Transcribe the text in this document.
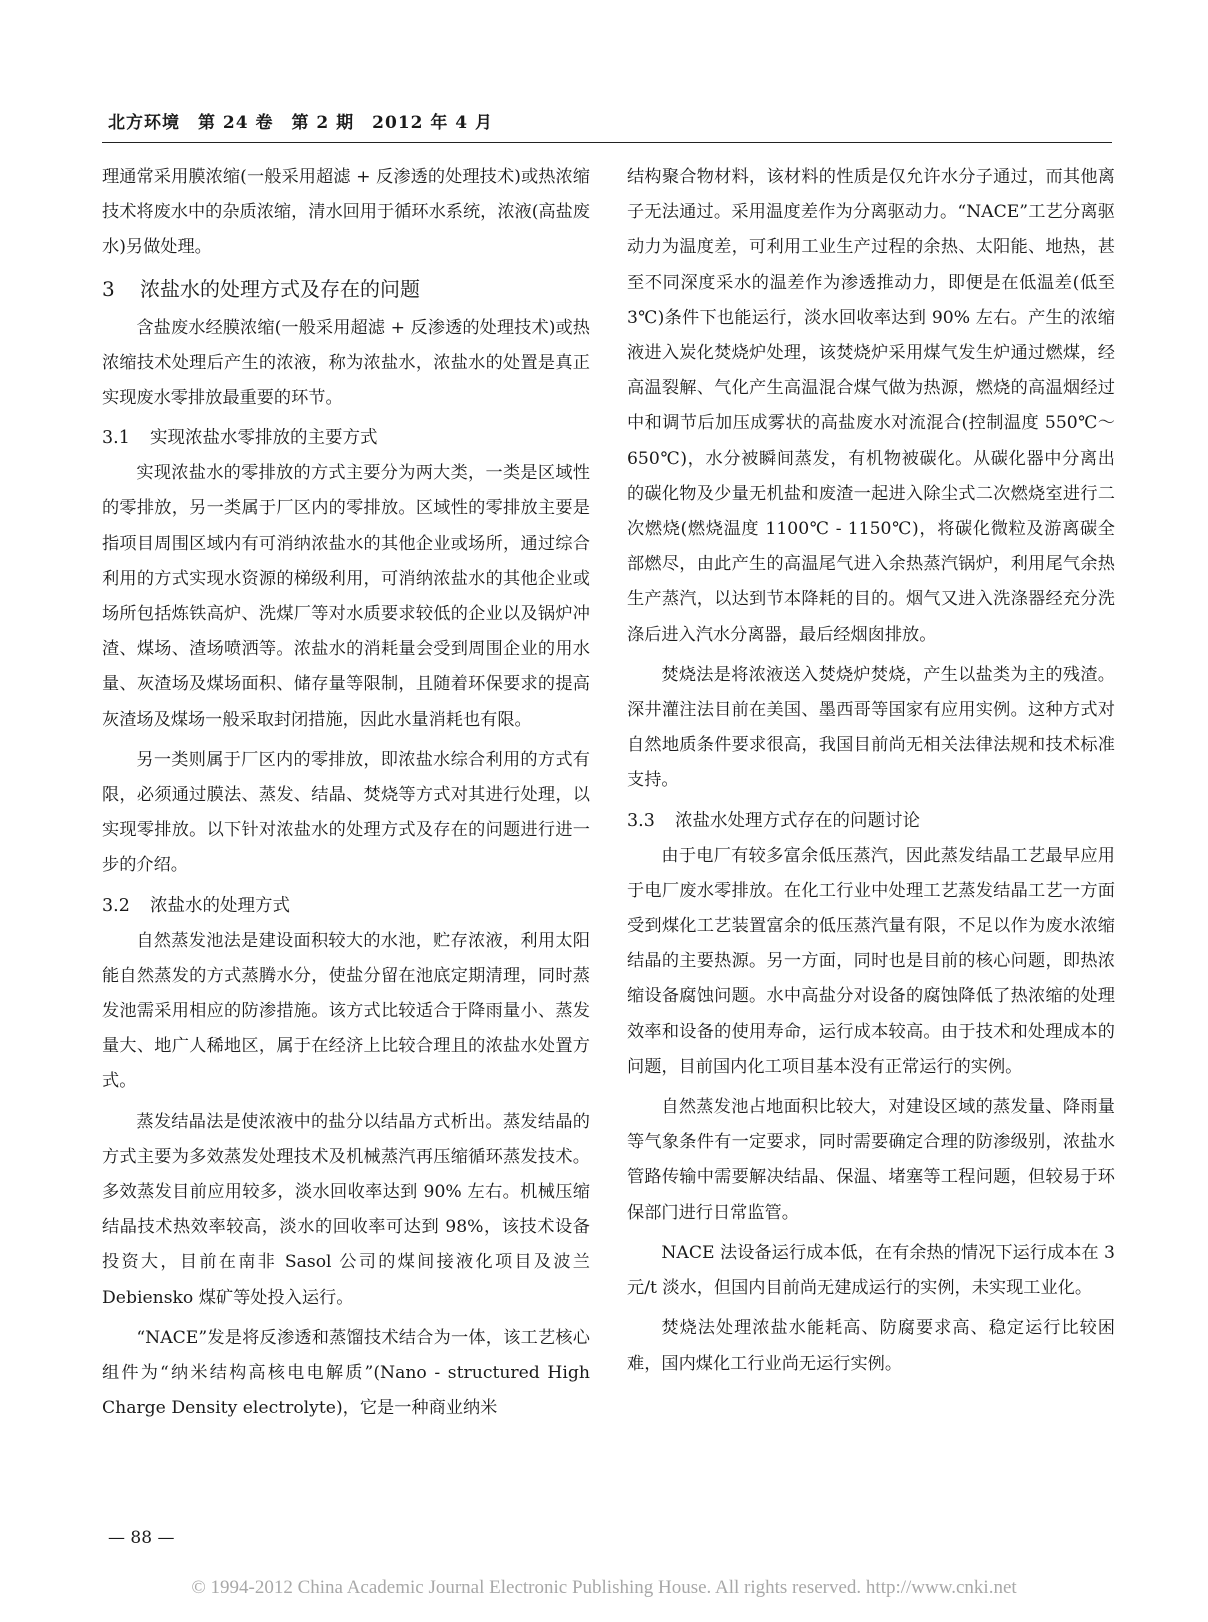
北方环境　第 24 卷　第 2 期　2012 年 4 月

理通常采用膜浓缩(一般采用超滤 + 反渗透的处理技术)或热浓缩技术将废水中的杂质浓缩，清水回用于循环水系统，浓液(高盐废水)另做处理。

3 浓盐水的处理方式及存在的问题

含盐废水经膜浓缩(一般采用超滤 + 反渗透的处理技术)或热浓缩技术处理后产生的浓液，称为浓盐水，浓盐水的处置是真正实现废水零排放最重要的环节。

3.1 实现浓盐水零排放的主要方式

实现浓盐水的零排放的方式主要分为两大类，一类是区域性的零排放，另一类属于厂区内的零排放。区域性的零排放主要是指项目周围区域内有可消纳浓盐水的其他企业或场所，通过综合利用的方式实现水资源的梯级利用，可消纳浓盐水的其他企业或场所包括炼铁高炉、洗煤厂等对水质要求较低的企业以及锅炉冲渣、煤场、渣场喷洒等。浓盐水的消耗量会受到周围企业的用水量、灰渣场及煤场面积、储存量等限制，且随着环保要求的提高灰渣场及煤场一般采取封闭措施，因此水量消耗也有限。

另一类则属于厂区内的零排放，即浓盐水综合利用的方式有限，必须通过膜法、蒸发、结晶、焚烧等方式对其进行处理，以实现零排放。以下针对浓盐水的处理方式及存在的问题进行进一步的介绍。

3.2 浓盐水的处理方式

自然蒸发池法是建设面积较大的水池，贮存浓液，利用太阳能自然蒸发的方式蒸腾水分，使盐分留在池底定期清理，同时蒸发池需采用相应的防渗措施。该方式比较适合于降雨量小、蒸发量大、地广人稀地区，属于在经济上比较合理且的浓盐水处置方式。

蒸发结晶法是使浓液中的盐分以结晶方式析出。蒸发结晶的方式主要为多效蒸发处理技术及机械蒸汽再压缩循环蒸发技术。多效蒸发目前应用较多，淡水回收率达到 90% 左右。机械压缩结晶技术热效率较高，淡水的回收率可达到 98%，该技术设备投资大，目前在南非 Sasol 公司的煤间接液化项目及波兰 Debiensko 煤矿等处投入运行。

“NACE”发是将反渗透和蒸馏技术结合为一体，该工艺核心组件为“纳米结构高核电电解质”(Nano - structured High Charge Density electrolyte)，它是一种商业纳米

结构聚合物材料，该材料的性质是仅允许水分子通过，而其他离子无法通过。采用温度差作为分离驱动力。“NACE”工艺分离驱动力为温度差，可利用工业生产过程的余热、太阳能、地热，甚至不同深度采水的温差作为渗透推动力，即便是在低温差(低至 3℃)条件下也能运行，淡水回收率达到 90% 左右。产生的浓缩液进入炭化焚烧炉处理，该焚烧炉采用煤气发生炉通过燃煤，经高温裂解、气化产生高温混合煤气做为热源，燃烧的高温烟经过中和调节后加压成雾状的高盐废水对流混合(控制温度 550℃～650℃)，水分被瞬间蒸发，有机物被碳化。从碳化器中分离出的碳化物及少量无机盐和废渣一起进入除尘式二次燃烧室进行二次燃烧(燃烧温度 1100℃ - 1150℃)，将碳化微粒及游离碳全部燃尽，由此产生的高温尾气进入余热蒸汽锅炉，利用尾气余热生产蒸汽，以达到节本降耗的目的。烟气又进入洗涤器经充分洗涤后进入汽水分离器，最后经烟囱排放。

焚烧法是将浓液送入焚烧炉焚烧，产生以盐类为主的残渣。深井灌注法目前在美国、墨西哥等国家有应用实例。这种方式对自然地质条件要求很高，我国目前尚无相关法律法规和技术标准支持。

3.3 浓盐水处理方式存在的问题讨论

由于电厂有较多富余低压蒸汽，因此蒸发结晶工艺最早应用于电厂废水零排放。在化工行业中处理工艺蒸发结晶工艺一方面受到煤化工艺装置富余的低压蒸汽量有限，不足以作为废水浓缩结晶的主要热源。另一方面，同时也是目前的核心问题，即热浓缩设备腐蚀问题。水中高盐分对设备的腐蚀降低了热浓缩的处理效率和设备的使用寿命，运行成本较高。由于技术和处理成本的问题，目前国内化工项目基本没有正常运行的实例。

自然蒸发池占地面积比较大，对建设区域的蒸发量、降雨量等气象条件有一定要求，同时需要确定合理的防渗级别，浓盐水管路传输中需要解决结晶、保温、堵塞等工程问题，但较易于环保部门进行日常监管。

NACE 法设备运行成本低，在有余热的情况下运行成本在 3 元/t 淡水，但国内目前尚无建成运行的实例，未实现工业化。

焚烧法处理浓盐水能耗高、防腐要求高、稳定运行比较困难，国内煤化工行业尚无运行实例。

— 88 —
© 1994-2012 China Academic Journal Electronic Publishing House. All rights reserved. http://www.cnki.net
